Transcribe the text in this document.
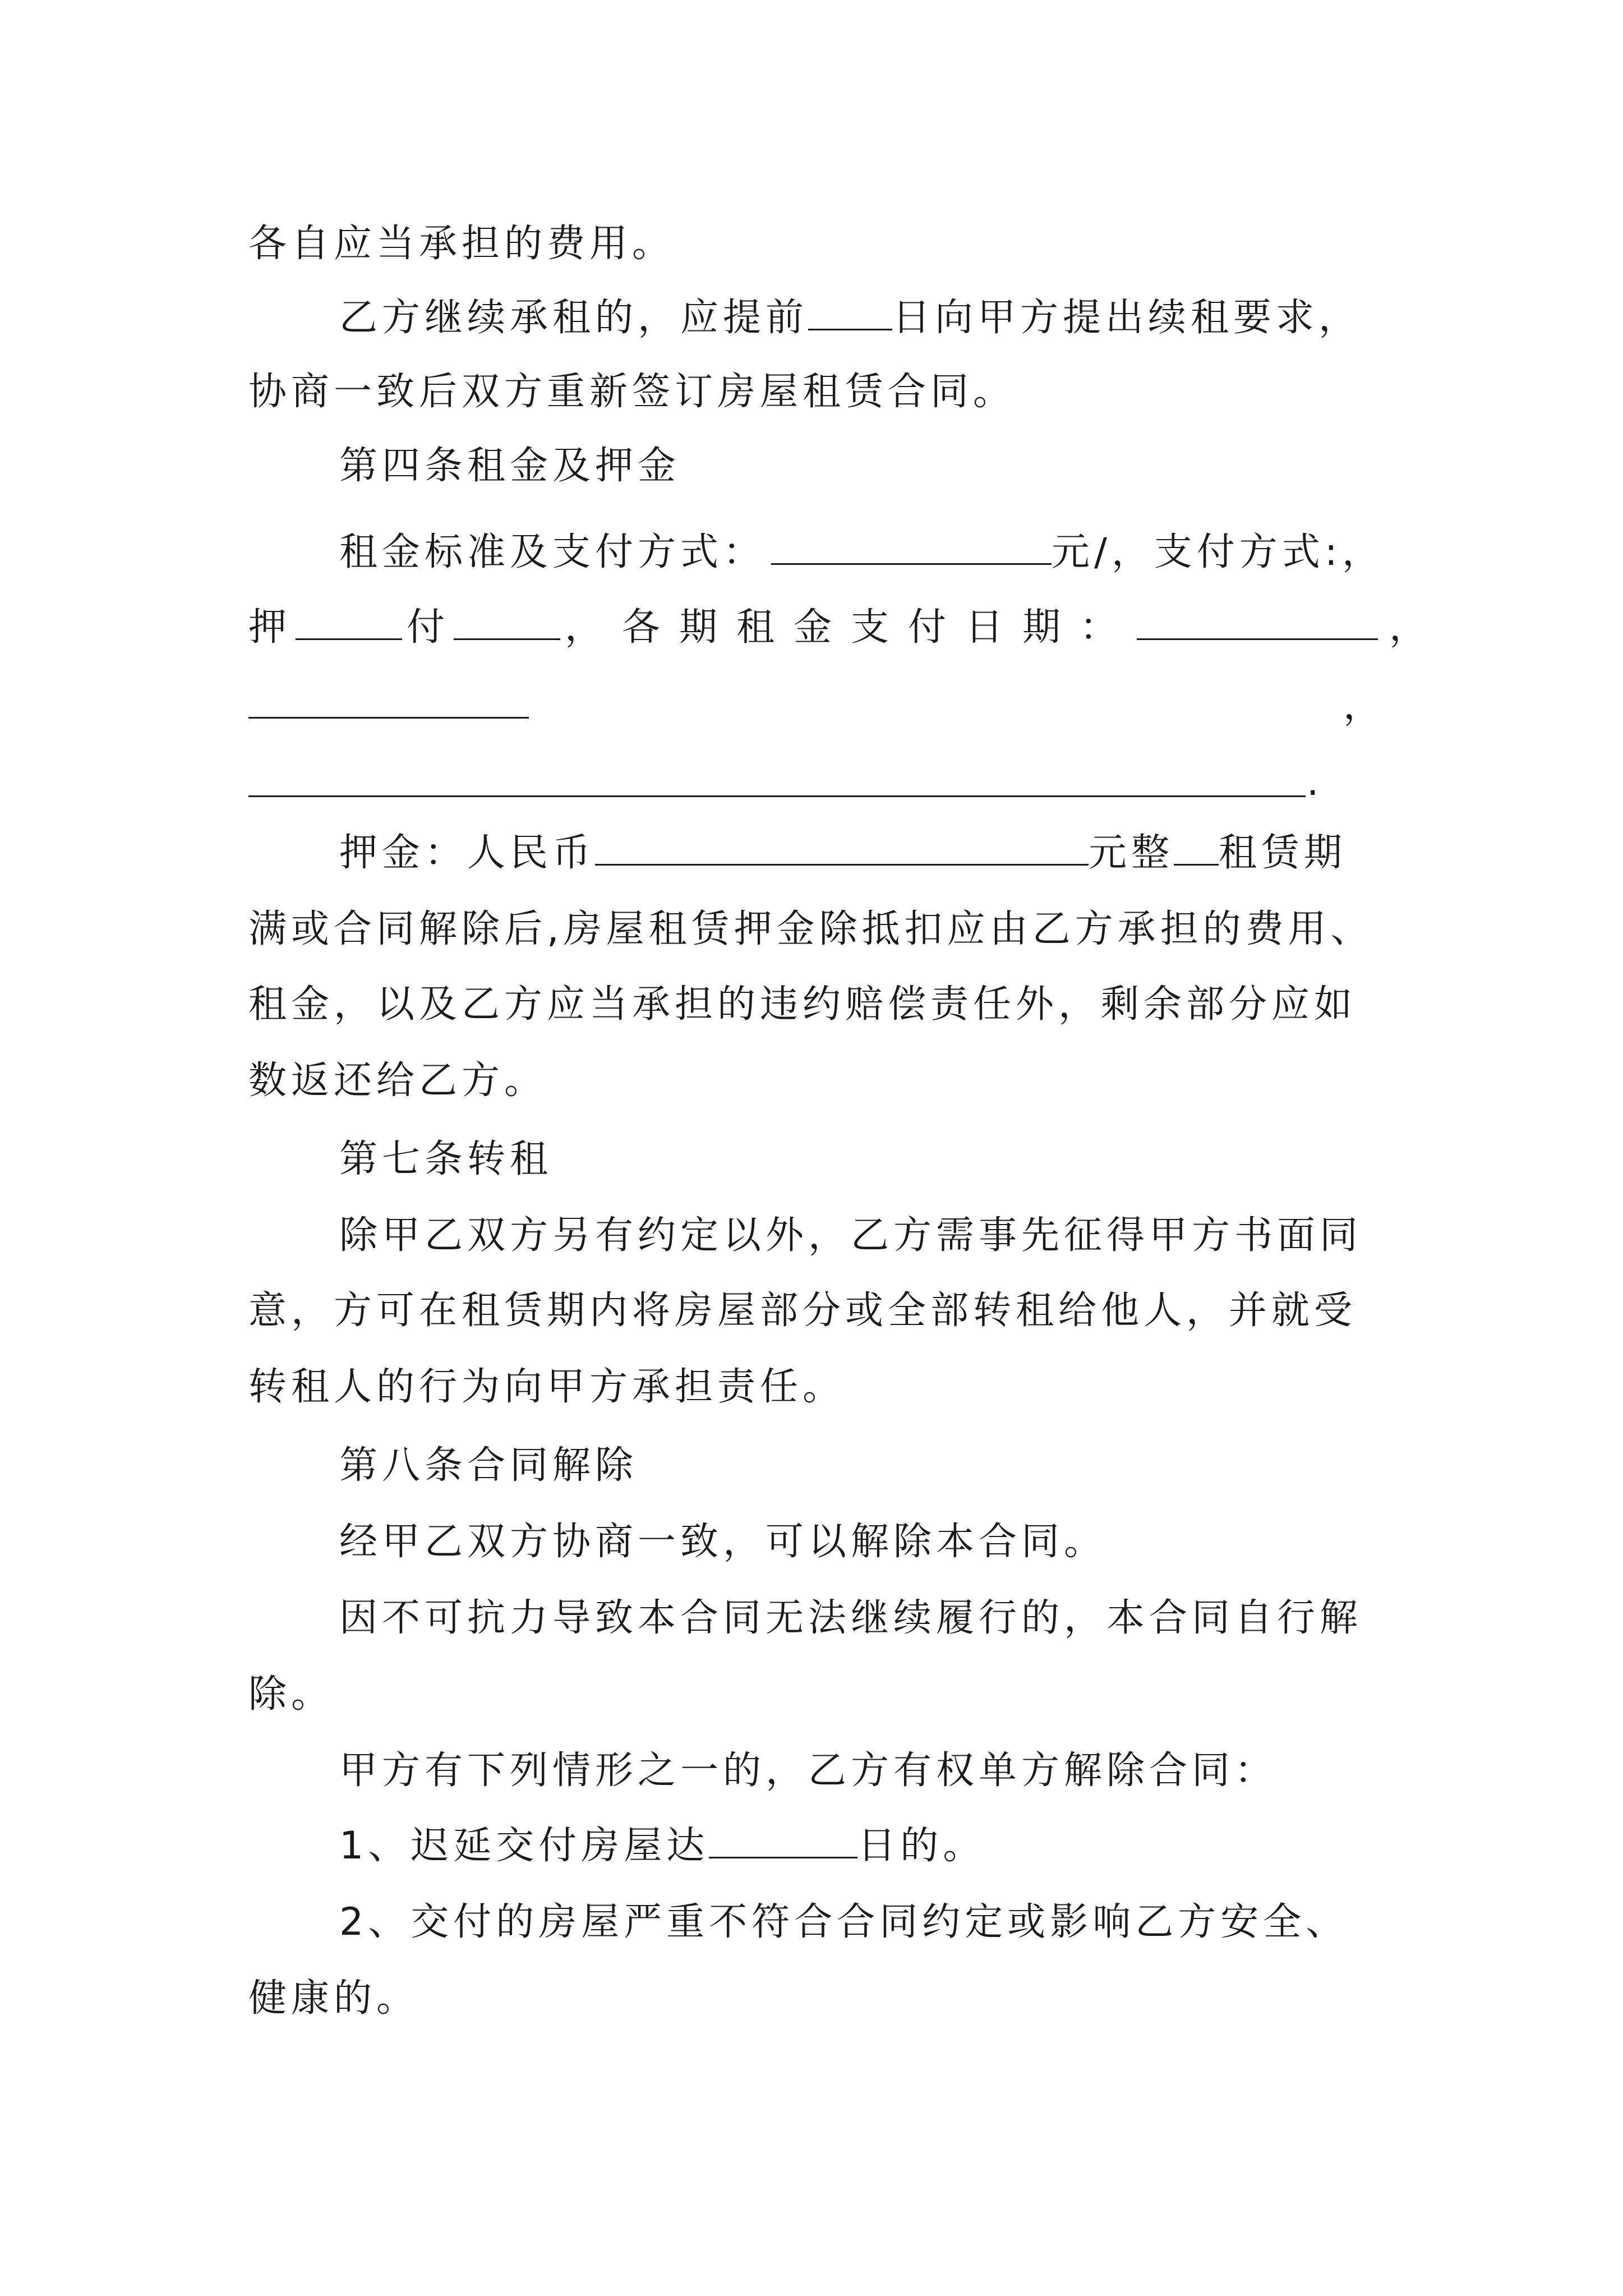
各自应当承担的费用。
乙方继续承租的，应提前 日向甲方提出续租要求，
协商一致后双方重新签订房屋租赁合同。
第四条租金及押金
租金标准及支付方式：	元/，支付方式:，
押	付	，各期租金支付日期：	，
，
.
押金：人民币	元整 租赁期
满或合同解除后,房屋租赁押金除抵扣应由乙方承担的费用、
租金，以及乙方应当承担的违约赔偿责任外，剩余部分应如
数返还给乙方。
第七条转租
除甲乙双方另有约定以外，乙方需事先征得甲方书面同
意，方可在租赁期内将房屋部分或全部转租给他人，并就受
转租人的行为向甲方承担责任。
第八条合同解除
经甲乙双方协商一致，可以解除本合同。
因不可抗力导致本合同无法继续履行的，本合同自行解
除。
甲方有下列情形之一的，乙方有权单方解除合同：
1、迟延交付房屋达	日的。
2、交付的房屋严重不符合合同约定或影响乙方安全、
健康的。
